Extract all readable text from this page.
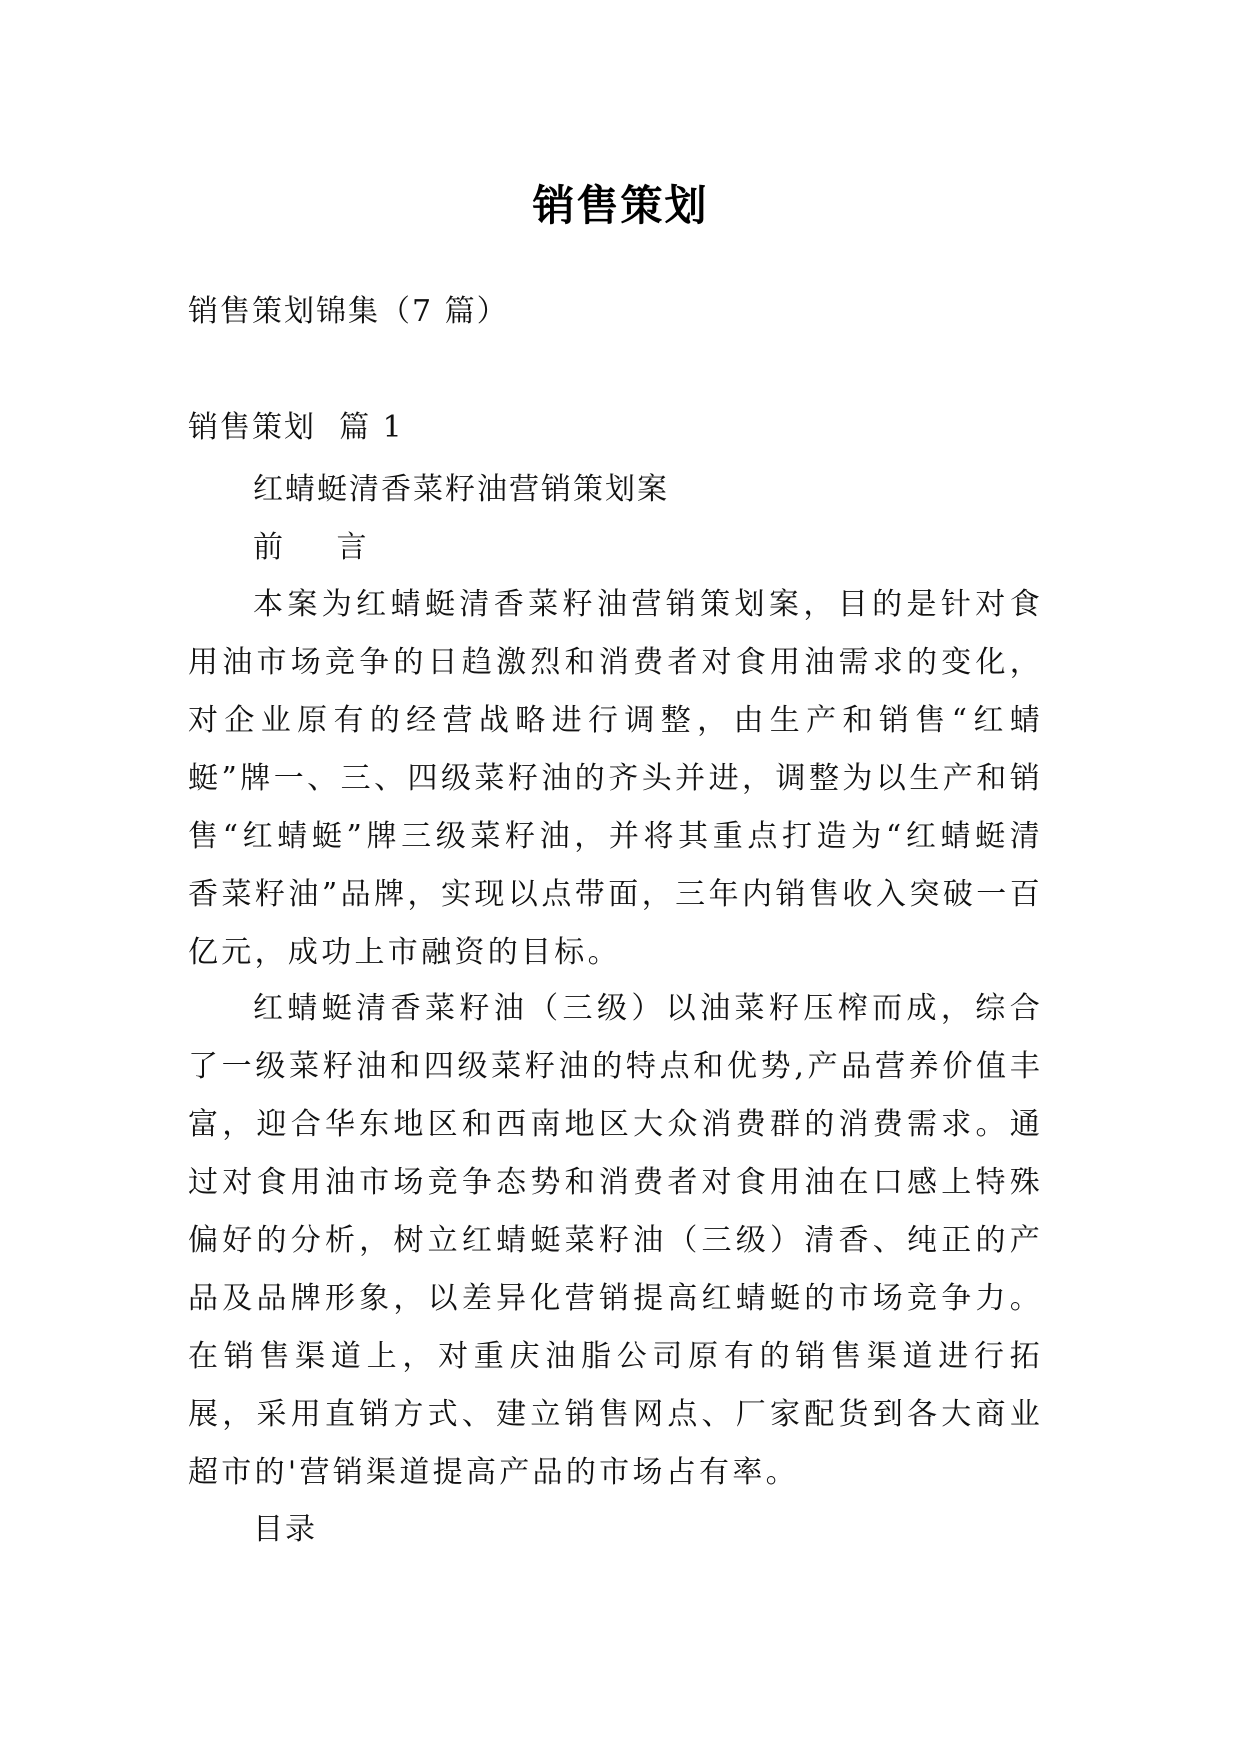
销售策划

销售策划锦集（7 篇）

销售策划  篇 1

红蜻蜓清香菜籽油营销策划案

前 言

本案为红蜻蜓清香菜籽油营销策划案，目的是针对食用油市场竞争的日趋激烈和消费者对食用油需求的变化，对企业原有的经营战略进行调整，由生产和销售“红蜻蜓”牌一、三、四级菜籽油的齐头并进，调整为以生产和销售“红蜻蜓”牌三级菜籽油，并将其重点打造为“红蜻蜓清香菜籽油”品牌，实现以点带面，三年内销售收入突破一百亿元，成功上市融资的目标。

红蜻蜓清香菜籽油（三级）以油菜籽压榨而成，综合了一级菜籽油和四级菜籽油的特点和优势,产品营养价值丰富，迎合华东地区和西南地区大众消费群的消费需求。通过对食用油市场竞争态势和消费者对食用油在口感上特殊偏好的分析，树立红蜻蜓菜籽油（三级）清香、纯正的产品及品牌形象，以差异化营销提高红蜻蜓的市场竞争力。在销售渠道上，对重庆油脂公司原有的销售渠道进行拓展，采用直销方式、建立销售网点、厂家配货到各大商业超市的'营销渠道提高产品的市场占有率。

目录
